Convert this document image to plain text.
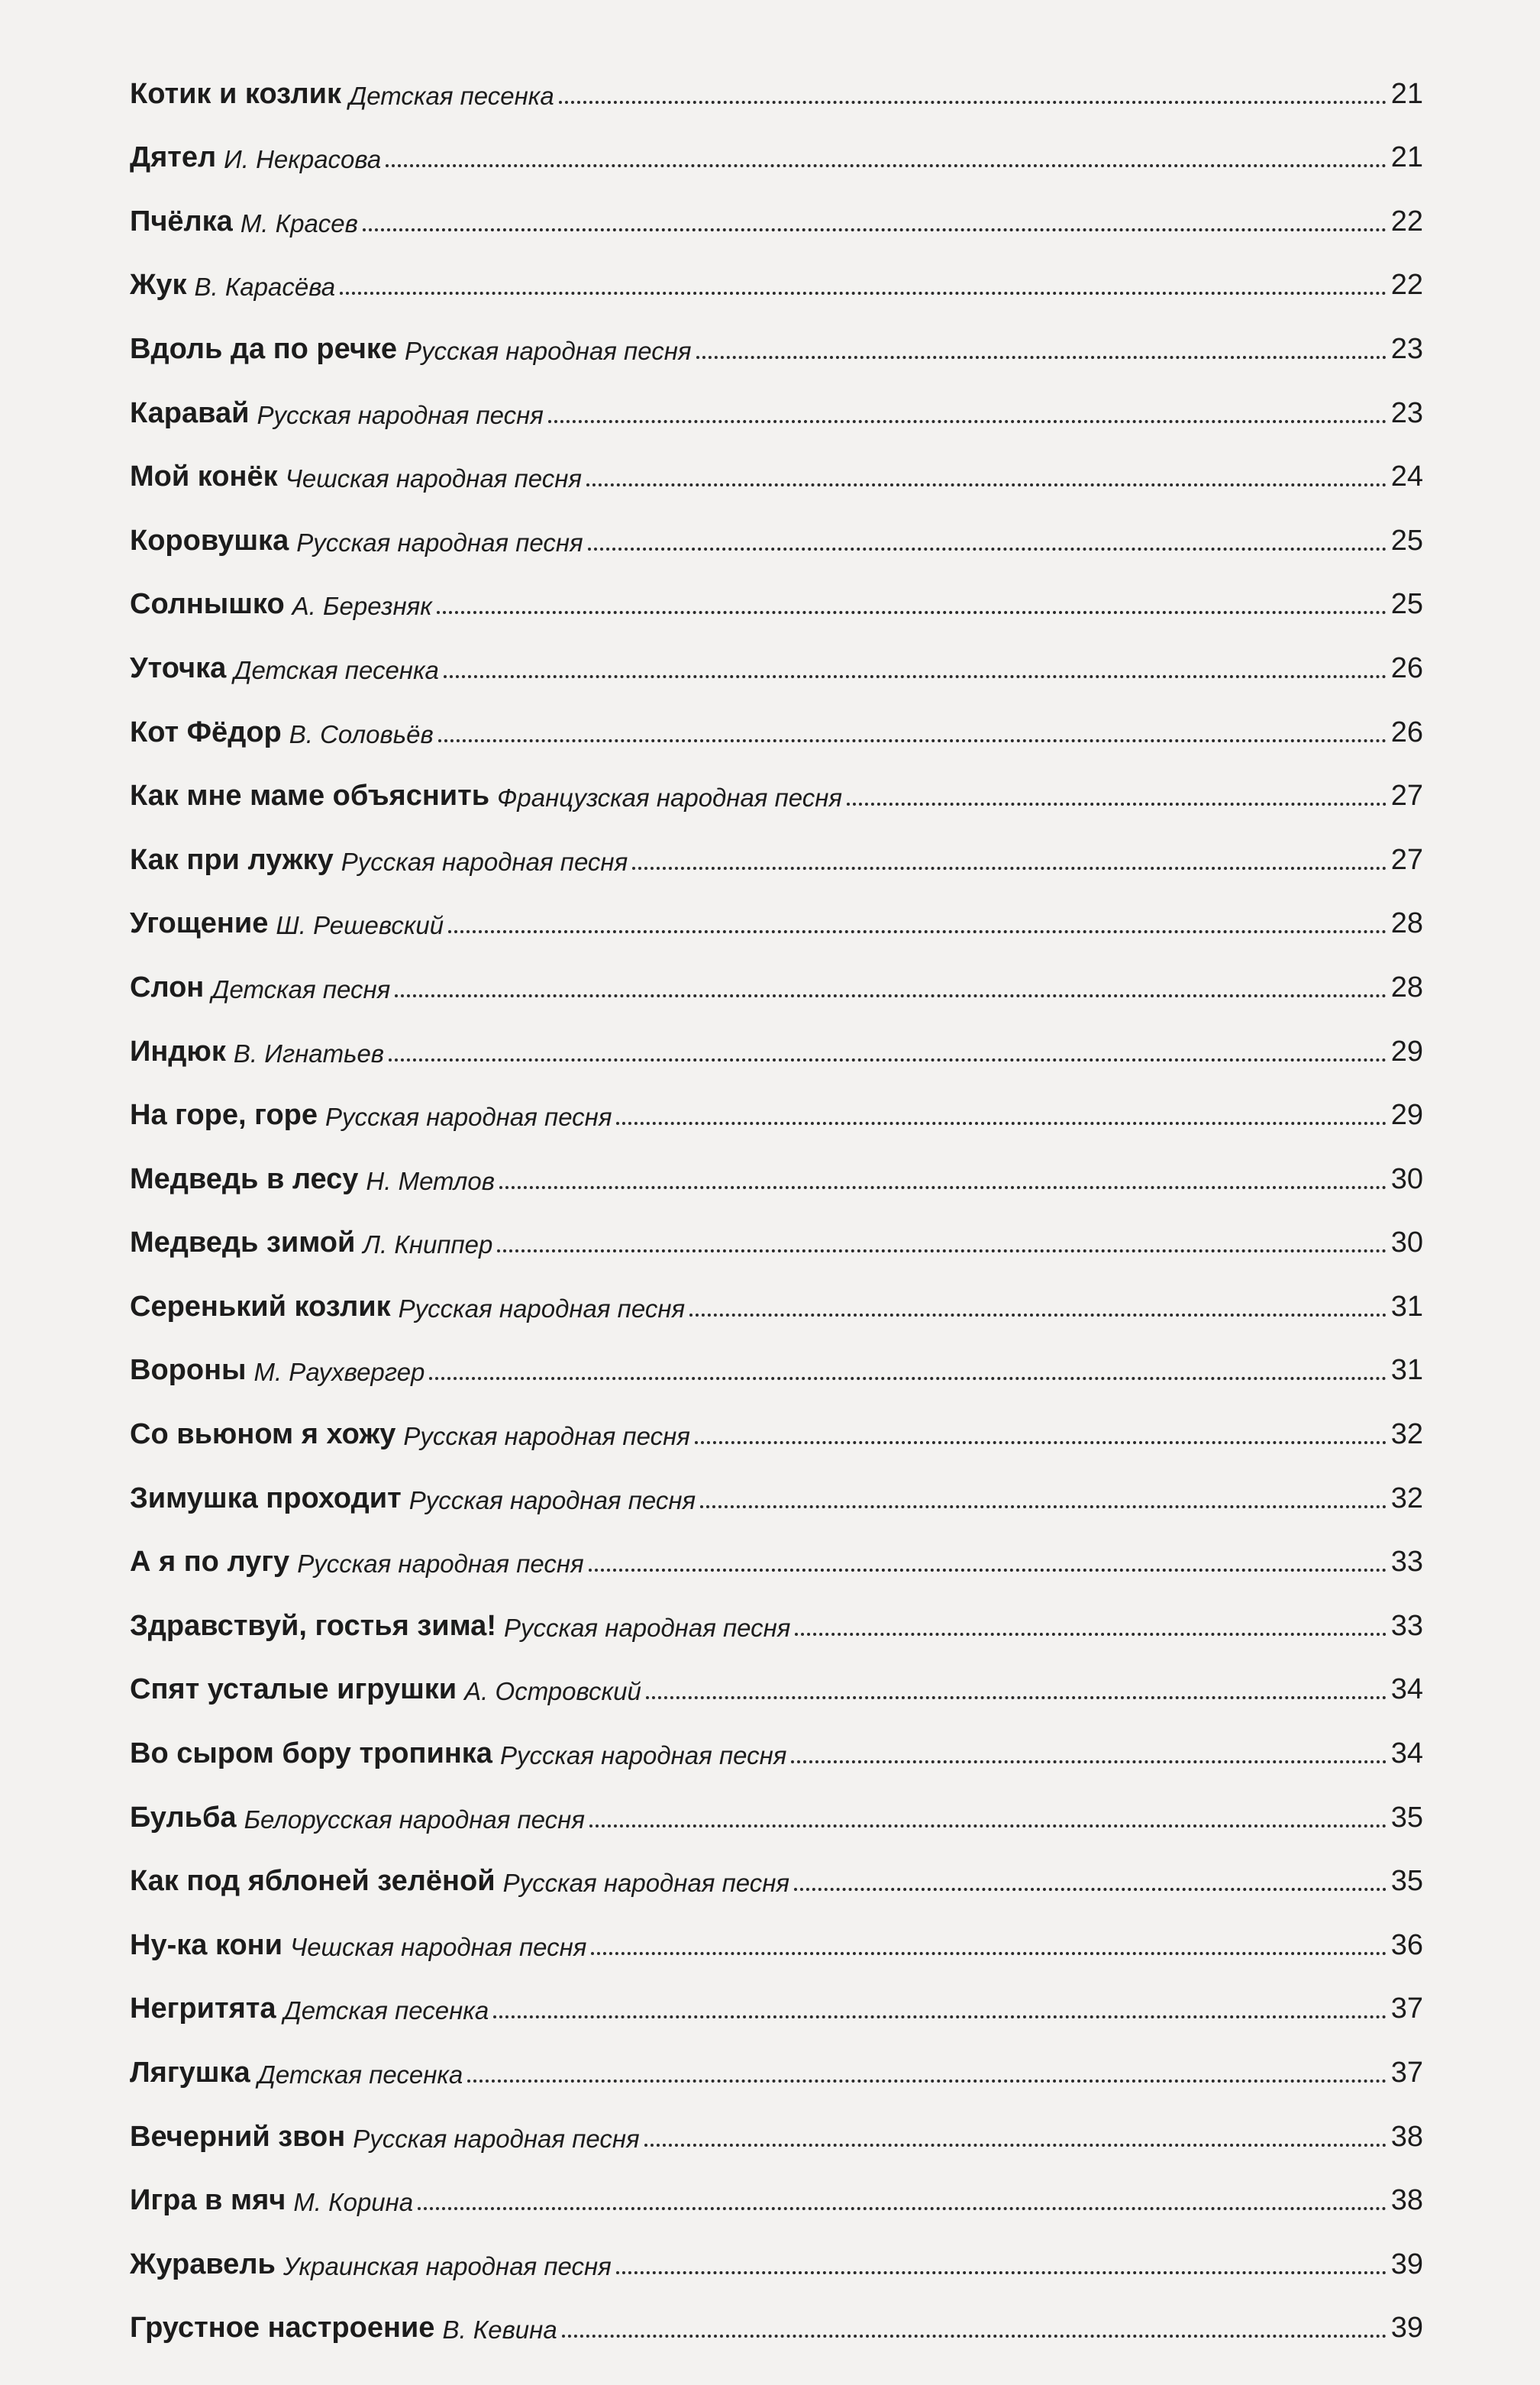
Котик и козлик Детская песенка	21
Дятел И. Некрасова	21
Пчёлка М. Красев	22
Жук В. Карасёва	22
Вдоль да по речке Русская народная песня	23
Каравай Русская народная песня	23
Мой конёк Чешская народная песня	24
Коровушка Русская народная песня	25
Солнышко А. Березняк	25
Уточка Детская песенка	26
Кот Фёдор В. Соловьёв	26
Как мне маме объяснить Французская народная песня	27
Как при лужку Русская народная песня	27
Угощение Ш. Решевский	28
Слон Детская песня	28
Индюк В. Игнатьев	29
На горе, горе Русская народная песня	29
Медведь в лесу Н. Метлов	30
Медведь зимой Л. Книппер	30
Серенький козлик Русская народная песня	31
Вороны М. Раухвергер	31
Со вьюном я хожу Русская народная песня	32
Зимушка проходит Русская народная песня	32
А я по лугу Русская народная песня	33
Здравствуй, гостья зима! Русская народная песня	33
Спят усталые игрушки А. Островский	34
Во сыром бору тропинка Русская народная песня	34
Бульба Белорусская народная песня	35
Как под яблоней зелёной Русская народная песня	35
Ну-ка кони Чешская народная песня	36
Негритята Детская песенка	37
Лягушка Детская песенка	37
Вечерний звон Русская народная песня	38
Игра в мяч М. Корина	38
Журавель Украинская народная песня	39
Грустное настроение В. Кевина	39
